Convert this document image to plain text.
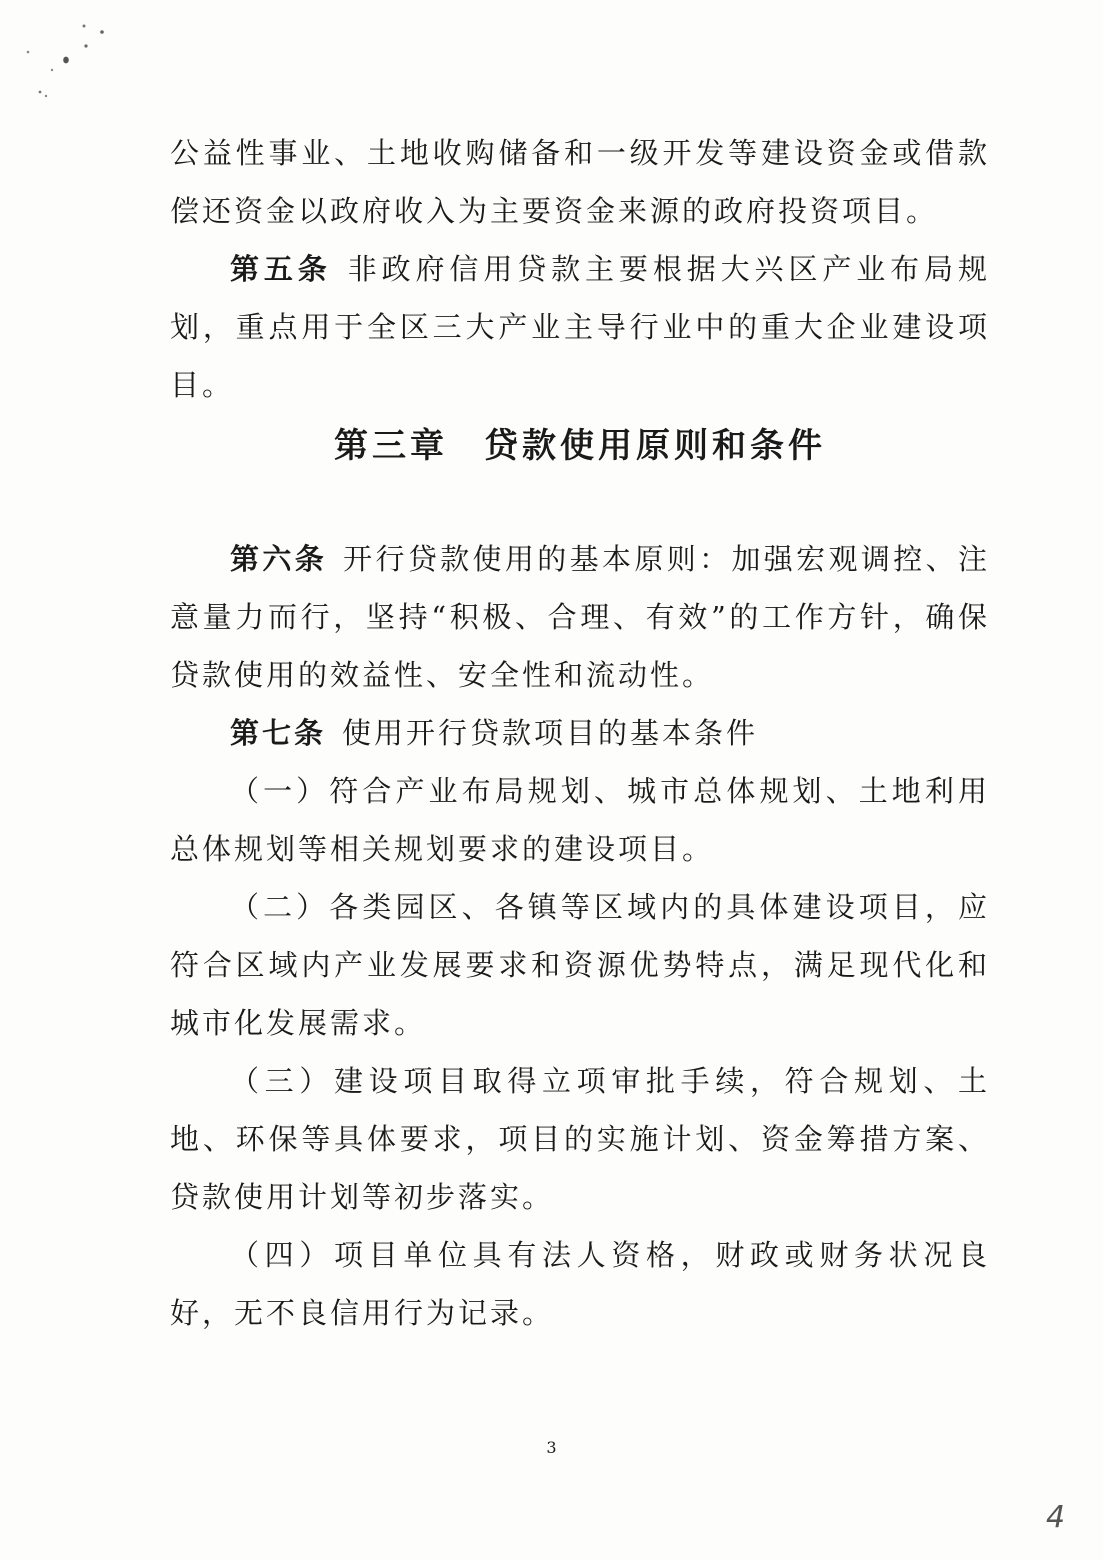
公益性事业、土地收购储备和一级开发等建设资金或借款偿还资金以政府收入为主要资金来源的政府投资项目。

第五条 非政府信用贷款主要根据大兴区产业布局规划，重点用于全区三大产业主导行业中的重大企业建设项目。

第三章 贷款使用原则和条件

第六条 开行贷款使用的基本原则：加强宏观调控、注意量力而行，坚持“积极、合理、有效”的工作方针，确保贷款使用的效益性、安全性和流动性。

第七条 使用开行贷款项目的基本条件

（一）符合产业布局规划、城市总体规划、土地利用总体规划等相关规划要求的建设项目。

（二）各类园区、各镇等区域内的具体建设项目，应符合区域内产业发展要求和资源优势特点，满足现代化和城市化发展需求。

（三）建设项目取得立项审批手续，符合规划、土地、环保等具体要求，项目的实施计划、资金筹措方案、贷款使用计划等初步落实。

（四）项目单位具有法人资格，财政或财务状况良好，无不良信用行为记录。

3

4
